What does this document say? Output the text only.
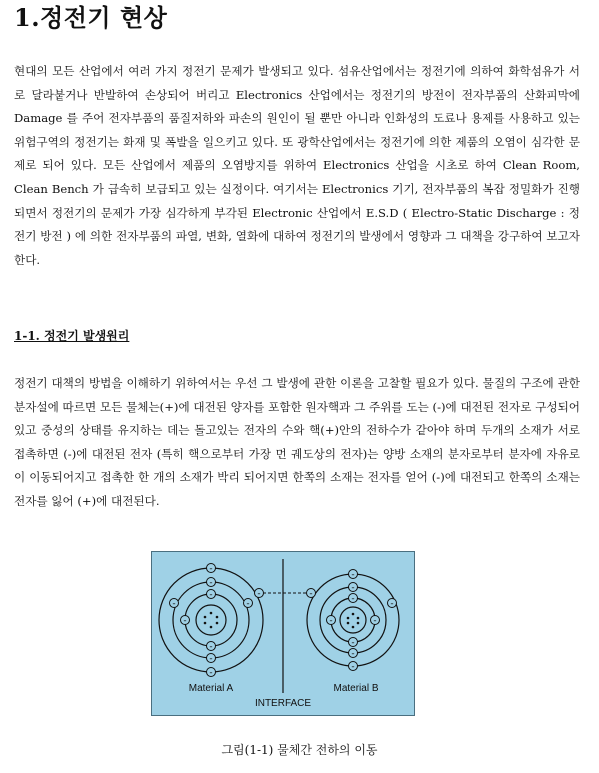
1.정전기 현상

현대의 모든 산업에서 여러 가지 정전기 문제가 발생되고 있다. 섬유산업에서는 정전기에 의하여 화학섬유가 서로 달라붙거나 반발하여 손상되어 버리고 Electronics 산업에서는 정전기의 방전이 전자부품의 산화피막에 Damage 를 주어 전자부품의 품질저하와 파손의 원인이 될 뿐만 아니라 인화성의 도료나 용제를 사용하고 있는 위험구역의 정전기는 화재 및 폭발을 일으키고 있다. 또 광학산업에서는 정전기에 의한 제품의 오염이 심각한 문제로 되어 있다. 모든 산업에서 제품의 오염방지를 위하여 Electronics 산업을 시초로 하여 Clean Room, Clean Bench 가 급속히 보급되고 있는 실정이다. 여기서는 Electronics 기기, 전자부품의 복잡 정밀화가 진행되면서 정전기의 문제가 가장 심각하게 부각된 Electronic 산업에서 E.S.D ( Electro-Static Discharge : 정전기 방전 ) 에 의한 전자부품의 파열, 변화, 열화에 대하여 정전기의 발생에서 영향과 그 대책을 강구하여 보고자 한다.

1-1. 정전기 발생원리

정전기 대책의 방법을 이해하기 위하여서는 우선 그 발생에 관한 이론을 고찰할 필요가 있다. 물질의 구조에 관한 분자설에 따르면 모든 물체는(+)에 대전된 양자를 포함한 원자핵과 그 주위를 도는 (-)에 대전된 전자로 구성되어 있고 중성의 상태를 유지하는 데는 돌고있는 전자의 수와 핵(+)안의 전하수가 같아야 하며 두개의 소재가 서로 접촉하면 (-)에 대전된 전자 (특히 핵으로부터 가장 먼 궤도상의 전자)는 양방 소재의 분자로부터 분자에 자유로이 이동되어지고 접촉한 한 개의 소재가 박리 되어지면 한쪽의 소재는 전자를 얻어 (-)에 대전되고 한쪽의 소재는 전자를 잃어 (+)에 대전된다.

-
-
-
-
-
-	-
-
-
-
-
-
-	-
-
-
-
-
-
-
Material A	Material B
INTERFACE
그림(1-1) 물체간 전하의 이동
